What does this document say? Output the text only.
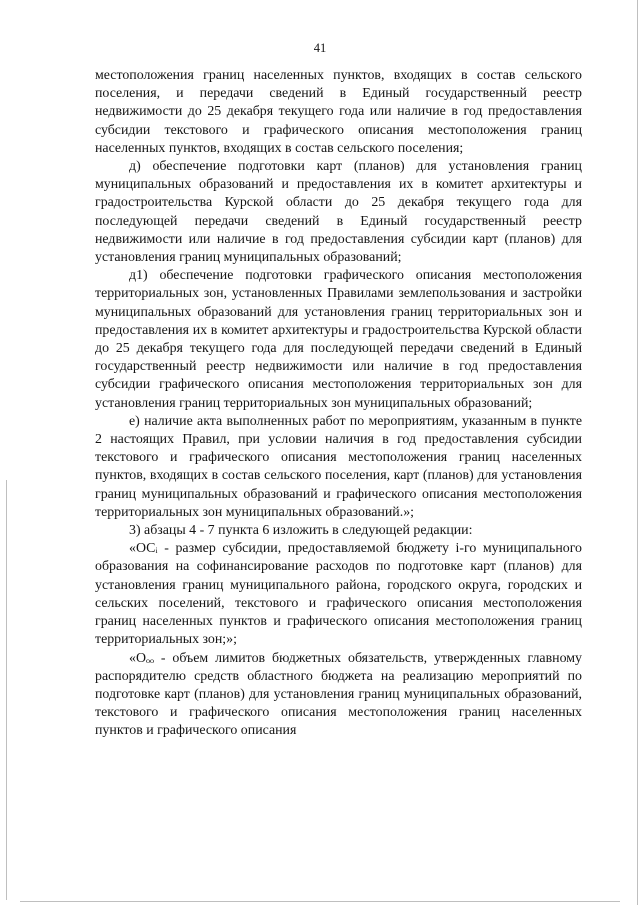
41

местоположения границ населенных пунктов, входящих в состав сельского поселения, и передачи сведений в Единый государственный реестр недвижимости до 25 декабря текущего года или наличие в год предоставления субсидии текстового и графического описания местоположения границ населенных пунктов, входящих в состав сельского поселения;

д) обеспечение подготовки карт (планов) для установления границ муниципальных образований и предоставления их в комитет архитектуры и градостроительства Курской области до 25 декабря текущего года для последующей передачи сведений в Единый государственный реестр недвижимости или наличие в год предоставления субсидии карт (планов) для установления границ муниципальных образований;

д1) обеспечение подготовки графического описания местоположения территориальных зон, установленных Правилами землепользования и застройки муниципальных образований для установления границ территориальных зон и предоставления их в комитет архитектуры и градостроительства Курской области до 25 декабря текущего года для последующей передачи сведений в Единый государственный реестр недвижимости или наличие в год предоставления субсидии графического описания местоположения территориальных зон для установления границ территориальных зон муниципальных образований;

е) наличие акта выполненных работ по мероприятиям, указанным в пункте 2 настоящих Правил, при условии наличия в год предоставления субсидии текстового и графического описания местоположения границ населенных пунктов, входящих в состав сельского поселения, карт (планов) для установления границ муниципальных образований и графического описания местоположения территориальных зон муниципальных образований.»;

3) абзацы 4 - 7 пункта 6 изложить в следующей редакции:

«ОСᵢ - размер субсидии, предоставляемой бюджету i-го муниципального образования на софинансирование расходов по подготовке карт (планов) для установления границ муниципального района, городского округа, городских и сельских поселений, текстового и графического описания местоположения границ населенных пунктов и графического описания местоположения границ территориальных зон;»;

«Oₒₒ - объем лимитов бюджетных обязательств, утвержденных главному распорядителю средств областного бюджета на реализацию мероприятий по подготовке карт (планов) для установления границ муниципальных образований, текстового и графического описания местоположения границ населенных пунктов и графического описания
